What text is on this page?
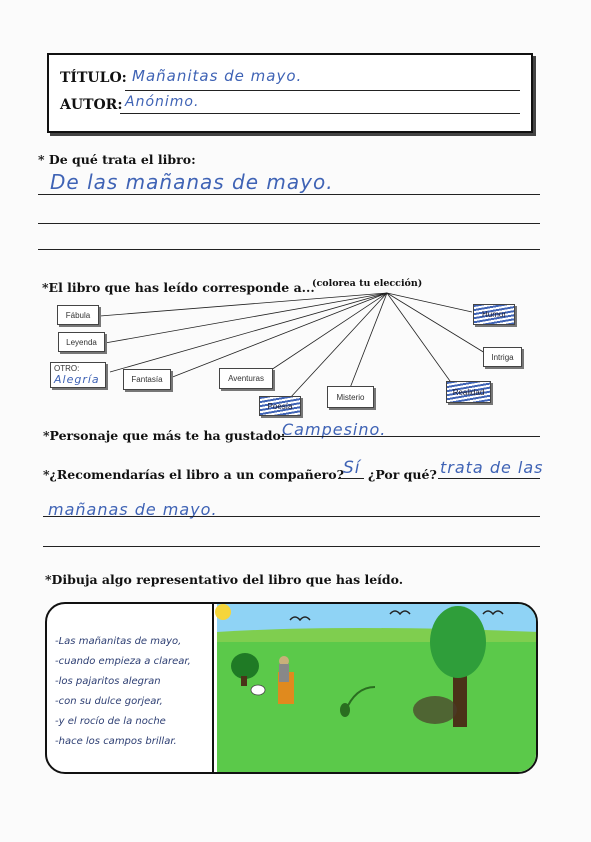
TÍTULO: Mañanitas de mayo.
AUTOR: Anónimo.
* De qué trata el libro:
De las mañanas de mayo.
*El libro que has leído corresponde a...
(colorea tu elección)
Fábula
Leyenda
OTRO:
Alegría	Fantasía	Aventuras
Poesía
Misterio
Realidad
Intriga
Humor
*Personaje que más te ha gustado:
Campesino.
*¿Recomendarías el libro a un compañero? Sí ¿Por qué? trata de las
mañanas de mayo.
*Dibuja algo representativo del libro que has leído.
-Las mañanitas de mayo,
-cuando empieza a clarear,
-los pajaritos alegran
-con su dulce gorjear,
-y el rocío de la noche
-hace los campos brillar.
